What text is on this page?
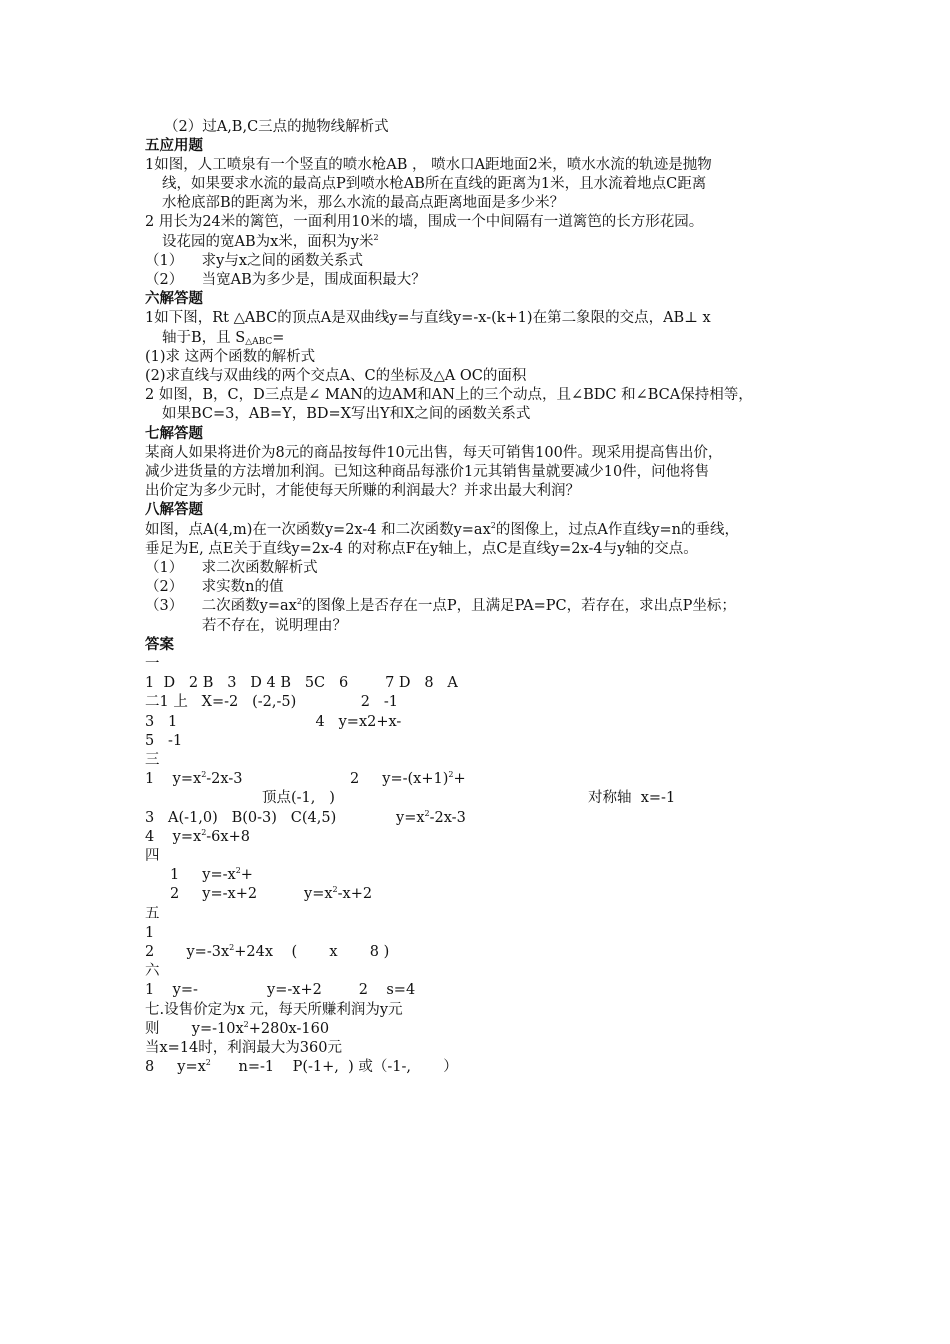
（2）过A,B,C三点的抛物线解析式
五应用题
1如图，人工喷泉有一个竖直的喷水枪AB ， 喷水口A距地面2米，喷水水流的轨迹是抛物
线，如果要求水流的最高点P到喷水枪AB所在直线的距离为1米，且水流着地点C距离
水枪底部B的距离为米，那么水流的最高点距离地面是多少米？
2 用长为24米的篱笆，一面利用10米的墙，围成一个中间隔有一道篱笆的长方形花园。
设花园的宽AB为x米，面积为y米$^2$
（1）    求y与x之间的函数关系式
（2）    当宽AB为多少是，围成面积最大？
六解答题
1如下图，Rt △ABC的顶点A是双曲线y=与直线y=-x-(k+1)在第二象限的交点，AB⊥ x
轴于B，且 $S_{\triangle ABC}=$
(1)求 这两个函数的解析式
(2)求直线与双曲线的两个交点A、C的坐标及△A OC的面积
2 如图，B，C，D三点是∠ MAN的边AM和AN上的三个动点，且∠BDC 和∠BCA保持相等，
如果BC=3，AB=Y，BD=X写出Y和X之间的函数关系式
七解答题
某商人如果将进价为8元的商品按每件10元出售，每天可销售100件。现采用提高售出价，
减少进货量的方法增加利润。已知这种商品每涨价1元其销售量就要减少10件，问他将售
出价定为多少元时，才能使每天所赚的利润最大？并求出最大利润？
八解答题
如图，点A(4,m)在一次函数y=2x-4 和二次函数$y=ax^2$的图像上，过点A作直线y=n的垂线，
垂足为E, 点E关于直线y=2x-4 的对称点F在y轴上，点C是直线y=2x-4与y轴的交点。
（1）    求二次函数解析式
（2）    求实数n的值
（3）    二次函数$y=ax^2$的图像上是否存在一点P，且满足PA=PC，若存在，求出点P坐标；
若不存在，说明理由？
答案
一
1  D   2 B   3   D 4 B   5C   6        7 D   8   A
二1 上   X=-2   (-2,-5)              2   -1
3   1                              4   y=x2+x-
5   -1
三
1    $y=x^2-2x-3$	2     $y=-(x+1)^2+$
顶点(-1,   )	对称轴  x=-1
3   A(-1,0)   B(0-3)   C(4,5)	$y=x^2-2x-3$
4    $y=x^2-6x+8$
四
1     $y=-x^2+$
2     y=-x+2	$y=x^2-x+2$
五
1
2       $y=-3x^2+24x$    (       x       8 )
六
1    y=-               y=-x+2        2    s=4
七.设售价定为x 元，每天所赚利润为y元
则       $y=-10x^2+280x-160$
当x=14时，利润最大为360元
8     $y=x^2$      n=-1    P(-1+,  ) 或（-1-,       ）
